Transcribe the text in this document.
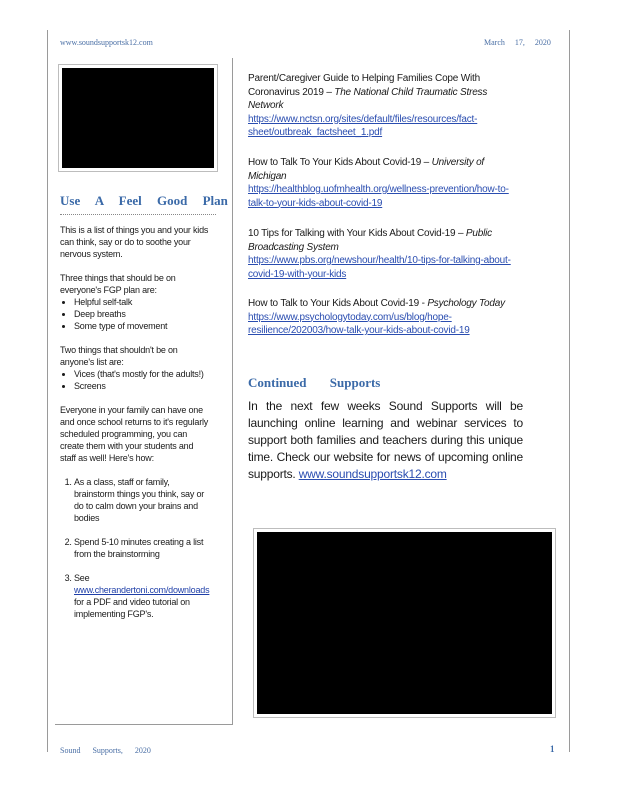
www.soundsupportsk12.com	March 17, 2020
Use A Feel Good Plan

This is a list of things you and your kids can think, say or do to soothe your nervous system.

Three things that should be on everyone's FGP plan are:

• Helpful self-talk
• Deep breaths
• Some type of movement

Two things that shouldn't be on anyone's list are:

• Vices (that's mostly for the adults!)
• Screens

Everyone in your family can have one and once school returns to it's regularly scheduled programming, you can create them with your students and staff as well! Here's how:

1. As a class, staff or family, brainstorm things you think, say or do to calm down your brains and bodies
2. Spend 5-10 minutes creating a list from the brainstorming
3. See www.cherandertoni.com/downloads for a PDF and video tutorial on implementing FGP's.
Parent/Caregiver Guide to Helping Families Cope With Coronavirus 2019 – The National Child Traumatic Stress Network
https://www.nctsn.org/sites/default/files/resources/fact-sheet/outbreak_factsheet_1.pdf
How to Talk To Your Kids About Covid-19 – University of Michigan
https://healthblog.uofmhealth.org/wellness-prevention/how-to-talk-to-your-kids-about-covid-19
10 Tips for Talking with Your Kids About Covid-19 – Public Broadcasting System
https://www.pbs.org/newshour/health/10-tips-for-talking-about-covid-19-with-your-kids
How to Talk to Your Kids About Covid-19 - Psychology Today
https://www.psychologytoday.com/us/blog/hope-resilience/202003/how-talk-your-kids-about-covid-19
Continued Supports
In the next few weeks Sound Supports will be launching online learning and webinar services to support both families and teachers during this unique time. Check our website for news of upcoming online supports. www.soundsupportsk12.com
Sound Supports, 2020	1
